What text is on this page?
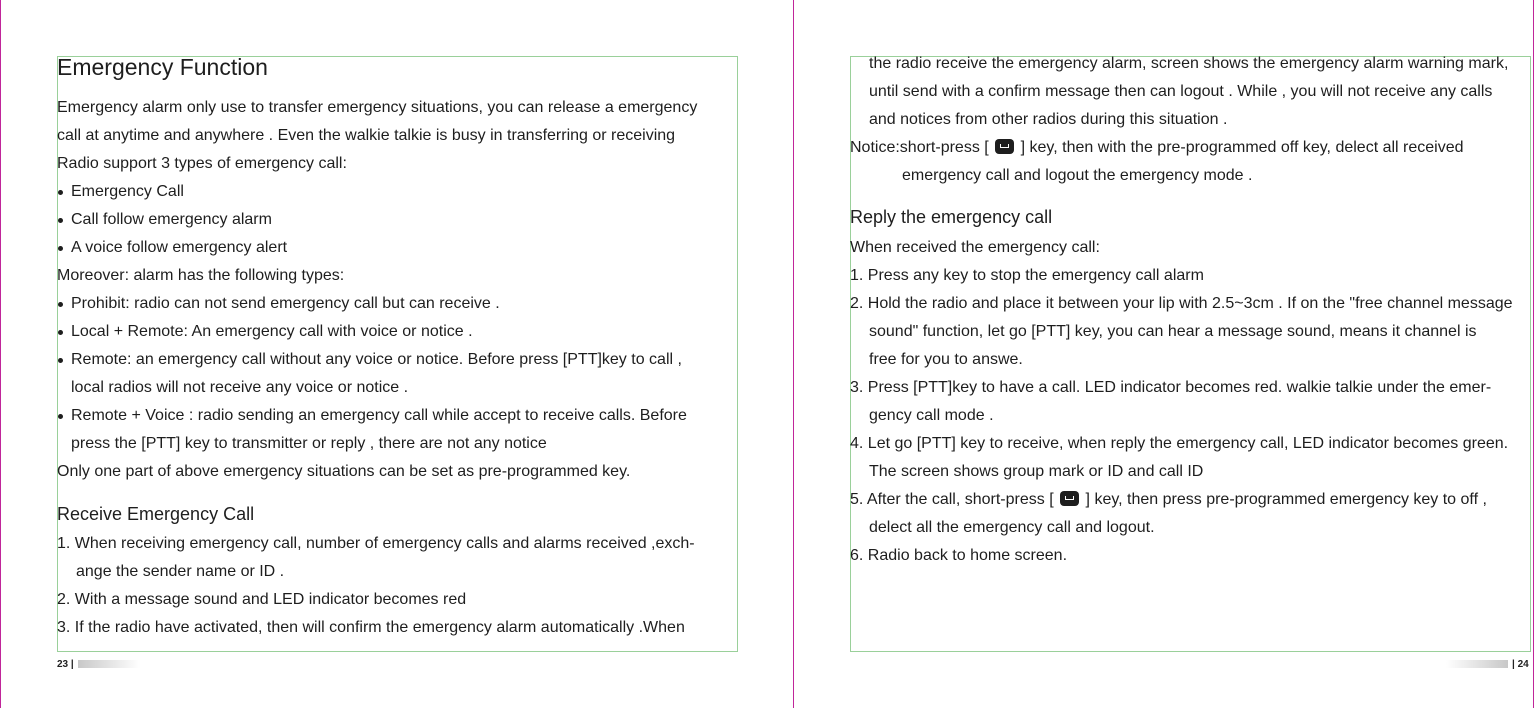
Emergency Function
Emergency alarm only use to transfer emergency situations, you can release a emergency
call at anytime and anywhere . Even the walkie talkie is busy in transferring or receiving
Radio support 3 types of emergency call:
Emergency Call
Call follow emergency alarm
A voice follow emergency alert
Moreover: alarm has the following types:
Prohibit: radio can not send emergency call but can receive .
Local + Remote: An emergency call with voice or notice .
Remote: an emergency call without any voice or notice. Before press [PTT]key to call ,
local radios will not receive any voice or notice .
Remote + Voice : radio sending an emergency call while accept to receive calls. Before
press the [PTT] key to transmitter or reply , there are not any notice
Only one part of above emergency situations can be set as pre-programmed key.
Receive Emergency Call
1. When receiving emergency call, number of emergency calls and alarms received ,exch-
ange the sender name or ID .
2. With a message sound and LED indicator becomes red
3. If the radio have activated, then will confirm the emergency alarm automatically .When
23 |
the radio receive the emergency alarm, screen shows the emergency alarm warning mark,
until send with a confirm message then can logout . While , you will not receive any calls
and notices from other radios during this situation .
Notice:short-press [ ] key, then with the pre-programmed off key, delect all received
emergency call and logout the emergency mode .
Reply the emergency call
When received the emergency call:
1. Press any key to stop the emergency call alarm
2. Hold the radio and place it between your lip with 2.5~3cm . If on the "free channel message
sound" function, let go [PTT] key, you can hear a message sound, means it channel is
free for you to answe.
3. Press [PTT]key to have a call. LED indicator becomes red. walkie talkie under the emer-
gency call mode .
4. Let go [PTT] key to receive, when reply the emergency call, LED indicator becomes green.
The screen shows group mark or ID and call ID
5. After the call, short-press [ ] key, then press pre-programmed emergency key to off ,
delect all the emergency call and logout.
6. Radio back to home screen.
| 24
